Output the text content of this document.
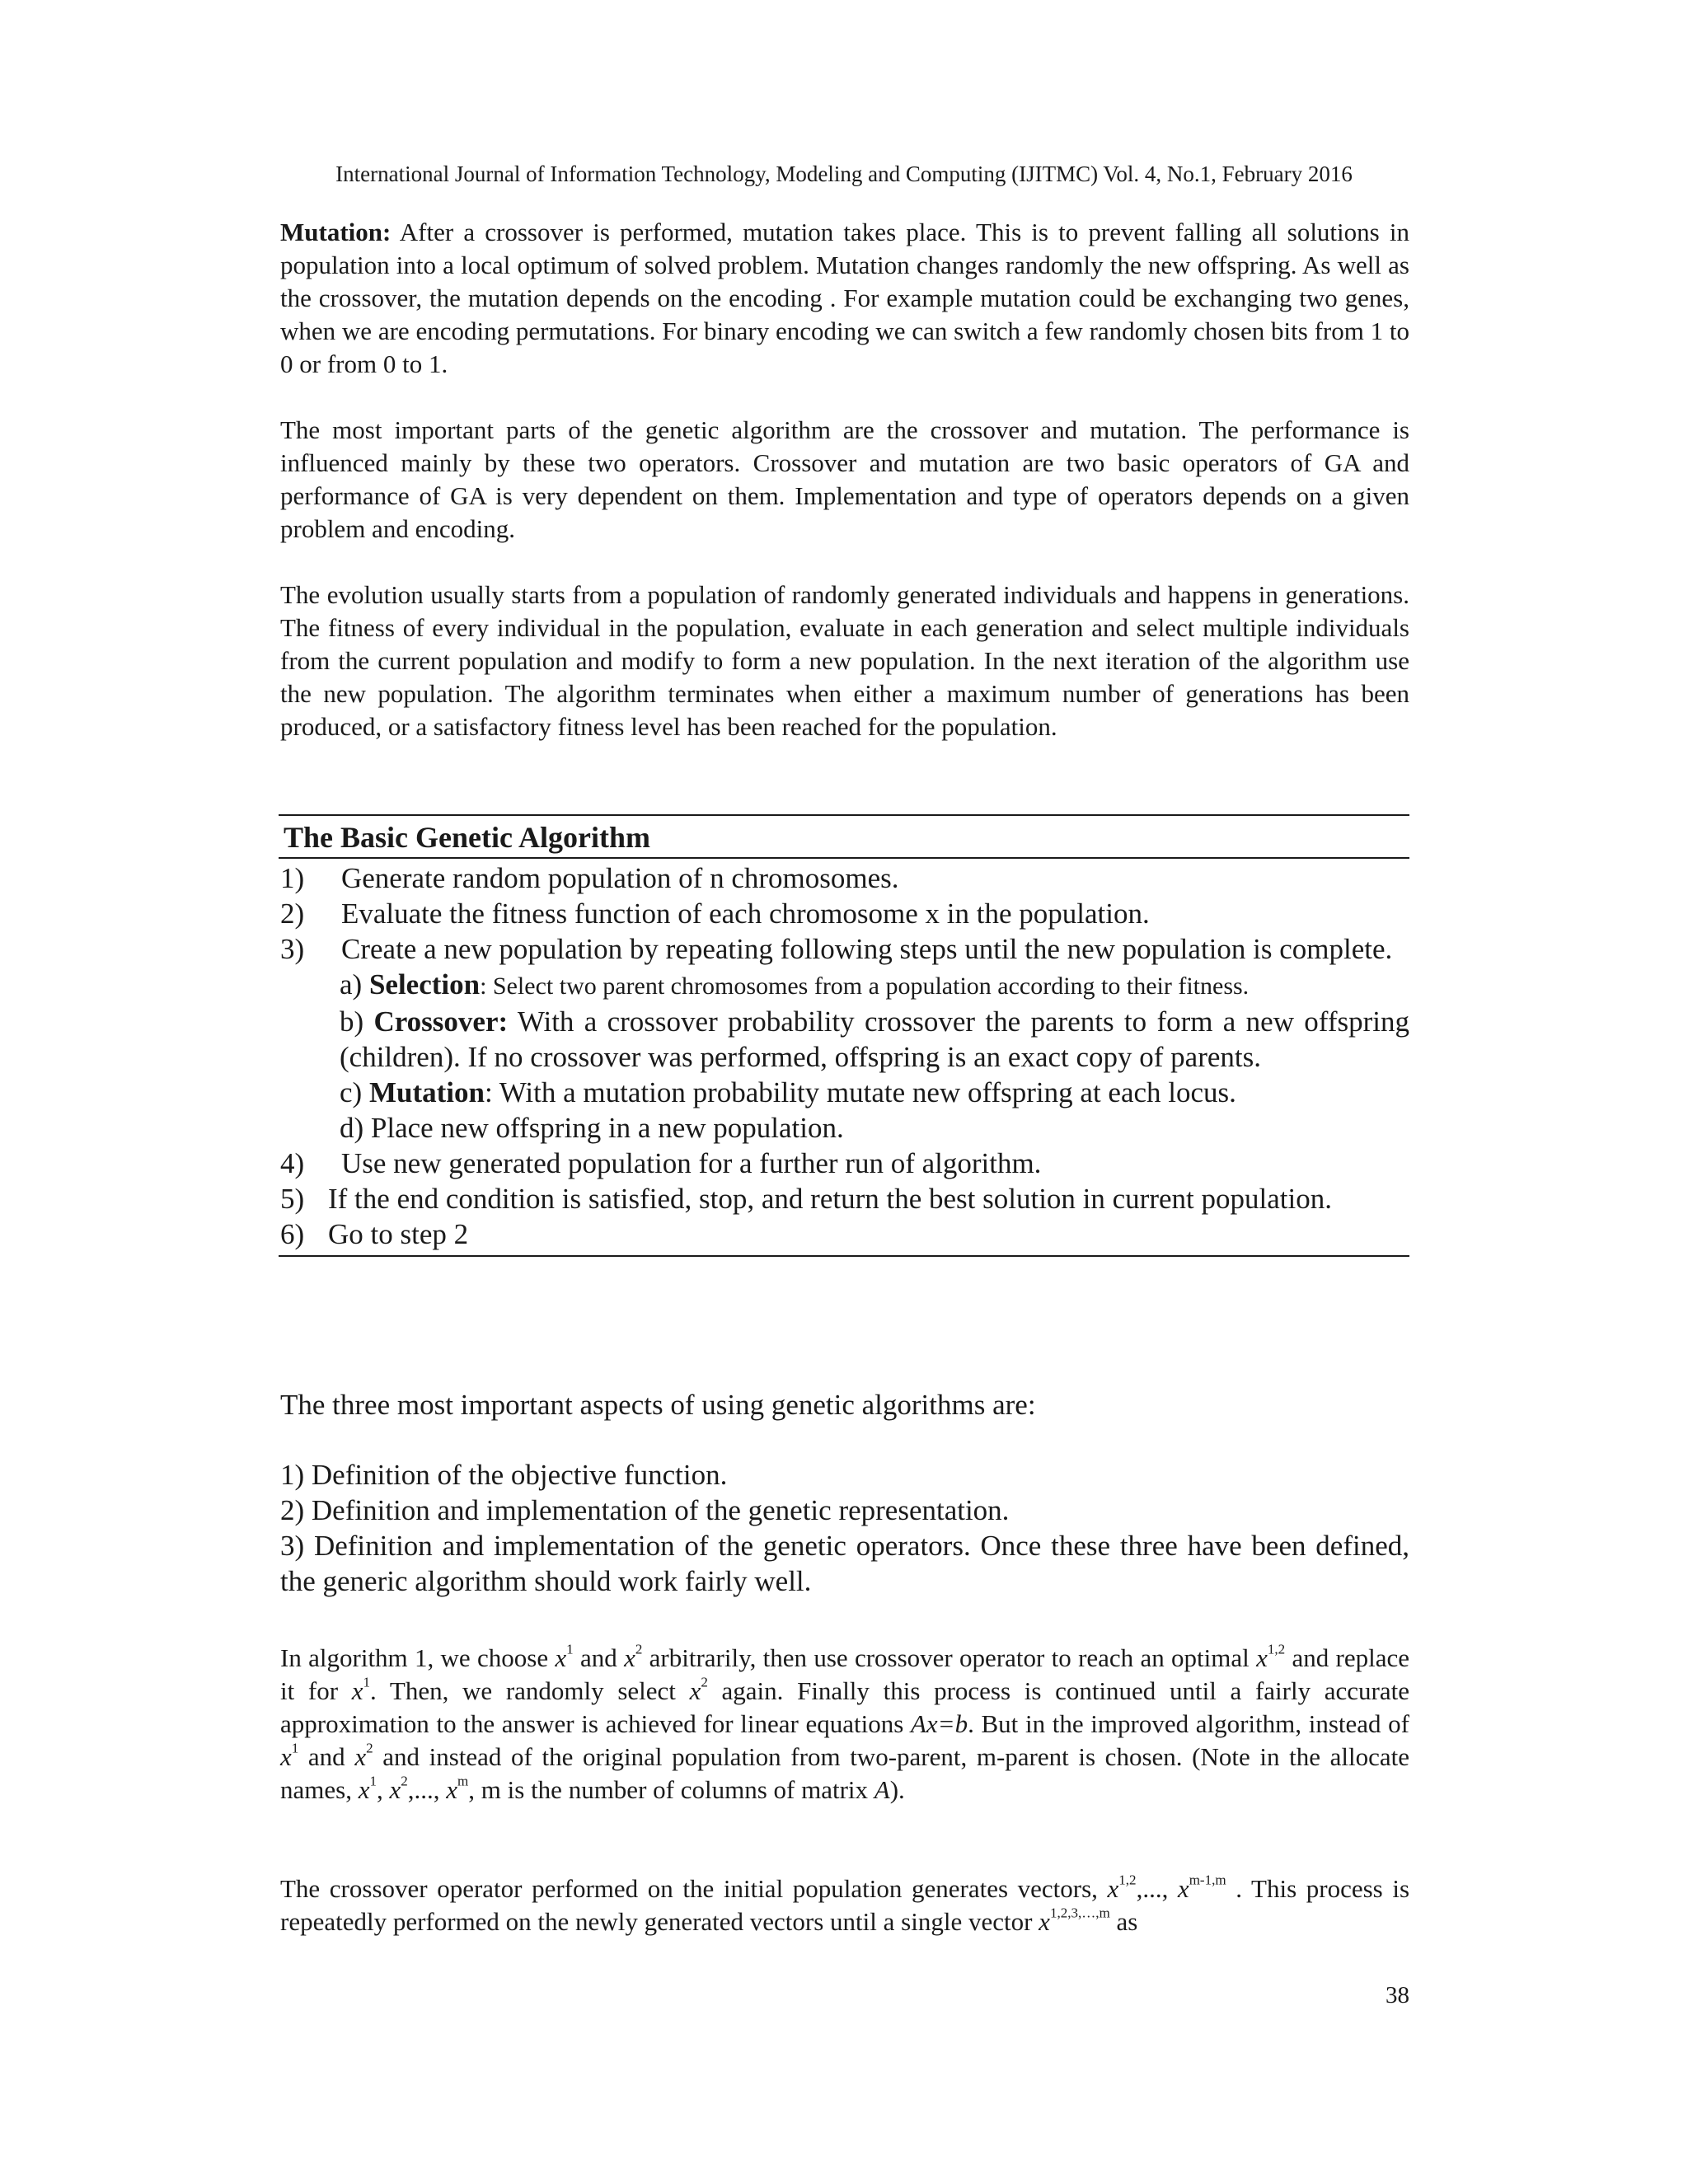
International Journal of Information Technology, Modeling and Computing (IJITMC) Vol. 4, No.1, February 2016

Mutation: After a crossover is performed, mutation takes place. This is to prevent falling all solutions in population into a local optimum of solved problem. Mutation changes randomly the new offspring. As well as the crossover, the mutation depends on the encoding . For example mutation could be exchanging two genes, when we are encoding permutations. For binary encoding we can switch a few randomly chosen bits from 1 to 0 or from 0 to 1.

The most important parts of the genetic algorithm are the crossover and mutation. The performance is influenced mainly by these two operators. Crossover and mutation are two basic operators of GA and performance of GA is very dependent on them. Implementation and type of operators depends on a given problem and encoding.

The evolution usually starts from a population of randomly generated individuals and happens in generations. The fitness of every individual in the population, evaluate in each generation and select multiple individuals from the current population and modify to form a new population. In the next iteration of the algorithm use the new population. The algorithm terminates when either a maximum number of generations has been produced, or a satisfactory fitness level has been reached for the population.

The Basic Genetic Algorithm
1)	Generate random population of n chromosomes.
2)	Evaluate the fitness function of each chromosome x in the population.
3)	Create a new population by repeating following steps until the new population is complete.
a) Selection: Select two parent chromosomes from a population according to their fitness.
b) Crossover: With a crossover probability crossover the parents to form a new offspring (children). If no crossover was performed, offspring is an exact copy of parents.
c) Mutation: With a mutation probability mutate new offspring at each locus.
d) Place new offspring in a new population.
4)	Use new generated population for a further run of algorithm.
5) If the end condition is satisfied, stop, and return the best solution in current population.
6) Go to step 2

The three most important aspects of using genetic algorithms are:

1) Definition of the objective function.

2) Definition and implementation of the genetic representation.

3) Definition and implementation of the genetic operators. Once these three have been defined, the generic algorithm should work fairly well.

In algorithm 1, we choose $x^1$ and $x^2$ arbitrarily, then use crossover operator to reach an optimal $x^{1,2}$ and replace it for $x^1$. Then, we randomly select $x^2$ again. Finally this process is continued until a fairly accurate approximation to the answer is achieved for linear equations Ax=b. But in the improved algorithm, instead of $x^1$ and $x^2$ and instead of the original population from two-parent, m-parent is chosen. (Note in the allocate names, $x^1$, $x^2$,..., $x^m$, m is the number of columns of matrix A).

The crossover operator performed on the initial population generates vectors, $x^{1,2}$,..., $x^{m-1,m}$ . This process is repeatedly performed on the newly generated vectors until a single vector $x^{1,2,3,\dots,m}$ as

38
